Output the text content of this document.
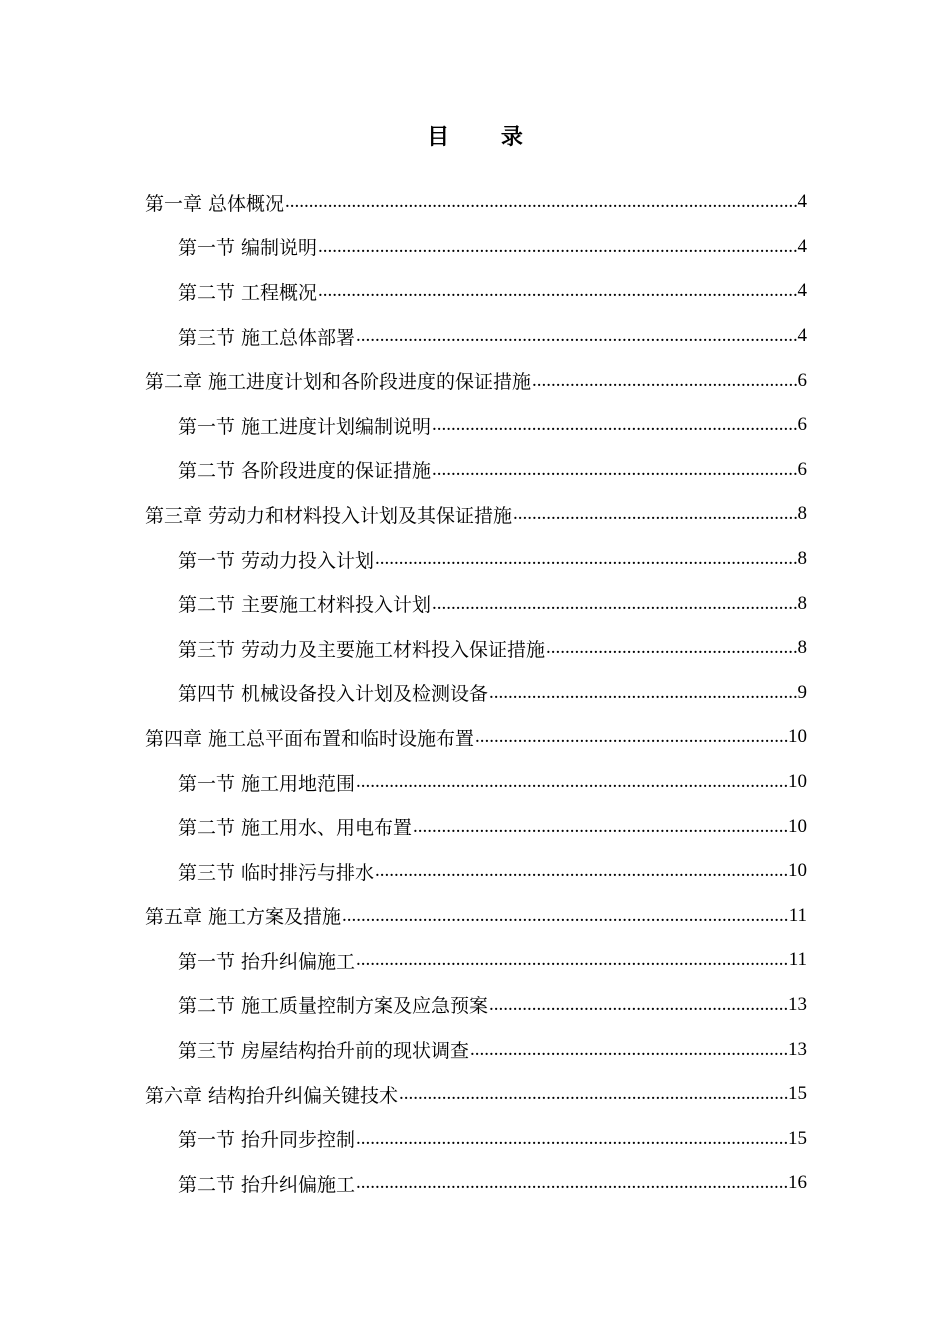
目 录
第一章 总体概况 .....	4
第一节 编制说明 .....	4
第二节 工程概况 .....	4
第三节 施工总体部署 .....	4
第二章 施工进度计划和各阶段进度的保证措施 .....	6
第一节 施工进度计划编制说明 .....	6
第二节 各阶段进度的保证措施 .....	6
第三章 劳动力和材料投入计划及其保证措施 .....	8
第一节 劳动力投入计划 .....	8
第二节 主要施工材料投入计划 .....	8
第三节 劳动力及主要施工材料投入保证措施 .....	8
第四节 机械设备投入计划及检测设备 .....	9
第四章 施工总平面布置和临时设施布置 .....	10
第一节 施工用地范围 .....	10
第二节 施工用水、用电布置 .....	10
第三节 临时排污与排水 .....	10
第五章 施工方案及措施 .....	11
第一节 抬升纠偏施工 .....	11
第二节 施工质量控制方案及应急预案 .....	13
第三节 房屋结构抬升前的现状调查 .....	13
第六章 结构抬升纠偏关键技术 .....	15
第一节 抬升同步控制 .....	15
第二节 抬升纠偏施工 .....	16
